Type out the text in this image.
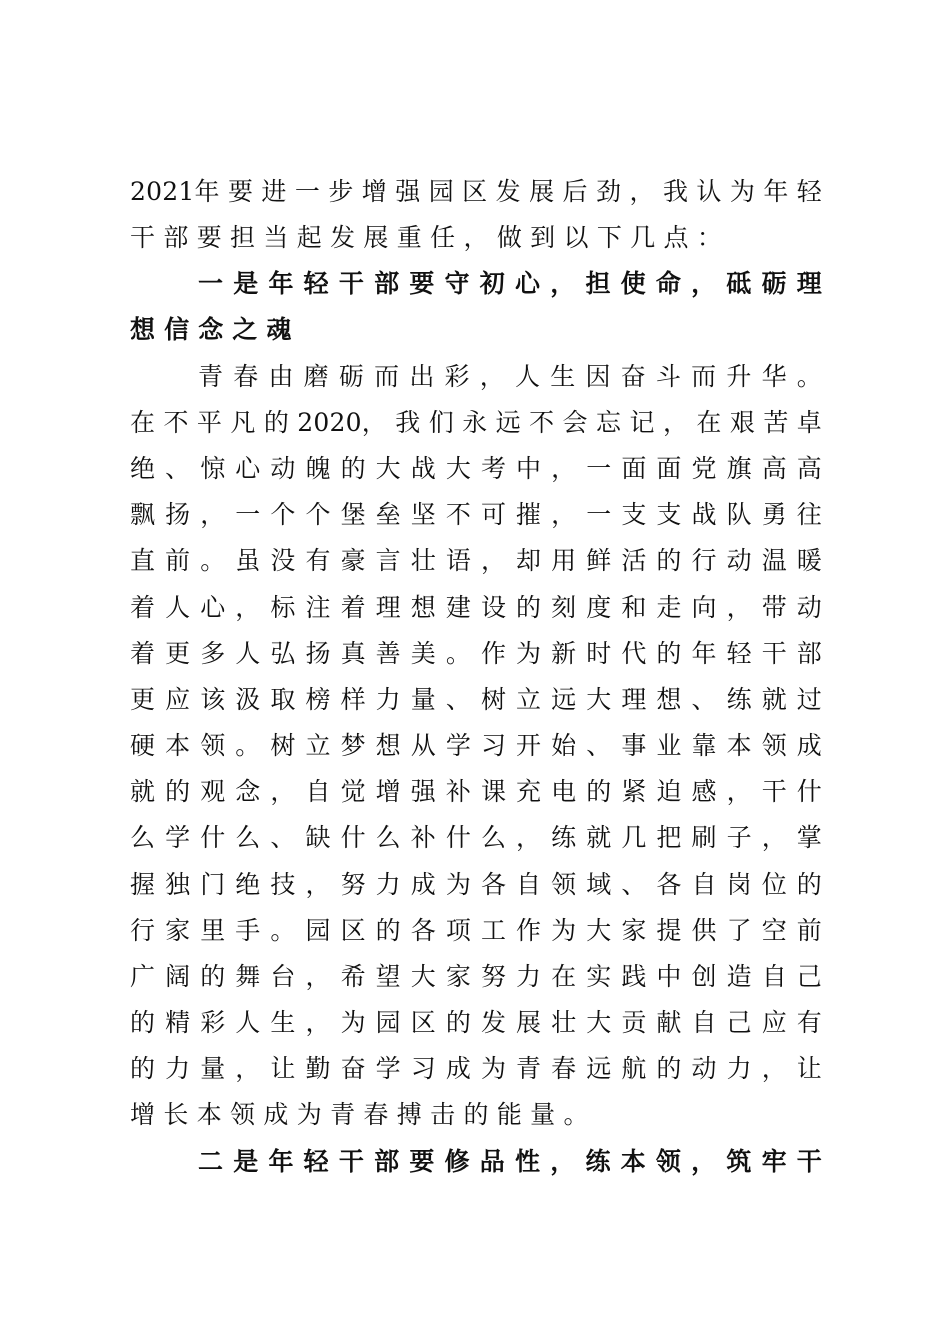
2021年 要 进 一 步 增 强 园 区 发 展 后 劲 ， 我 认 为 年 轻
干 部 要 担 当 起 发 展 重 任 ， 做 到 以 下 几 点 ：
一 是 年 轻 干 部 要 守 初 心 ， 担 使 命 ， 砥 砺 理
想 信 念 之 魂
青 春 由 磨 砺 而 出 彩 ， 人 生 因 奋 斗 而 升 华 。
在 不 平 凡 的 2020， 我 们 永 远 不 会 忘 记 ， 在 艰 苦 卓
绝 、 惊 心 动 魄 的 大 战 大 考 中 ， 一 面 面 党 旗 高 高
飘 扬 ， 一 个 个 堡 垒 坚 不 可 摧 ， 一 支 支 战 队 勇 往
直 前 。 虽 没 有 豪 言 壮 语 ， 却 用 鲜 活 的 行 动 温 暖
着 人 心 ， 标 注 着 理 想 建 设 的 刻 度 和 走 向 ， 带 动
着 更 多 人 弘 扬 真 善 美 。 作 为 新 时 代 的 年 轻 干 部
更 应 该 汲 取 榜 样 力 量 、 树 立 远 大 理 想 、 练 就 过
硬 本 领 。 树 立 梦 想 从 学 习 开 始 、 事 业 靠 本 领 成
就 的 观 念 ， 自 觉 增 强 补 课 充 电 的 紧 迫 感 ， 干 什
么 学 什 么 、 缺 什 么 补 什 么 ， 练 就 几 把 刷 子 ， 掌
握 独 门 绝 技 ， 努 力 成 为 各 自 领 域 、 各 自 岗 位 的
行 家 里 手 。 园 区 的 各 项 工 作 为 大 家 提 供 了 空 前
广 阔 的 舞 台 ， 希 望 大 家 努 力 在 实 践 中 创 造 自 己
的 精 彩 人 生 ， 为 园 区 的 发 展 壮 大 贡 献 自 己 应 有
的 力 量 ， 让 勤 奋 学 习 成 为 青 春 远 航 的 动 力 ， 让
增 长 本 领 成 为 青 春 搏 击 的 能 量 。
二 是 年 轻 干 部 要 修 品 性 ， 练 本 领 ， 筑 牢 干
